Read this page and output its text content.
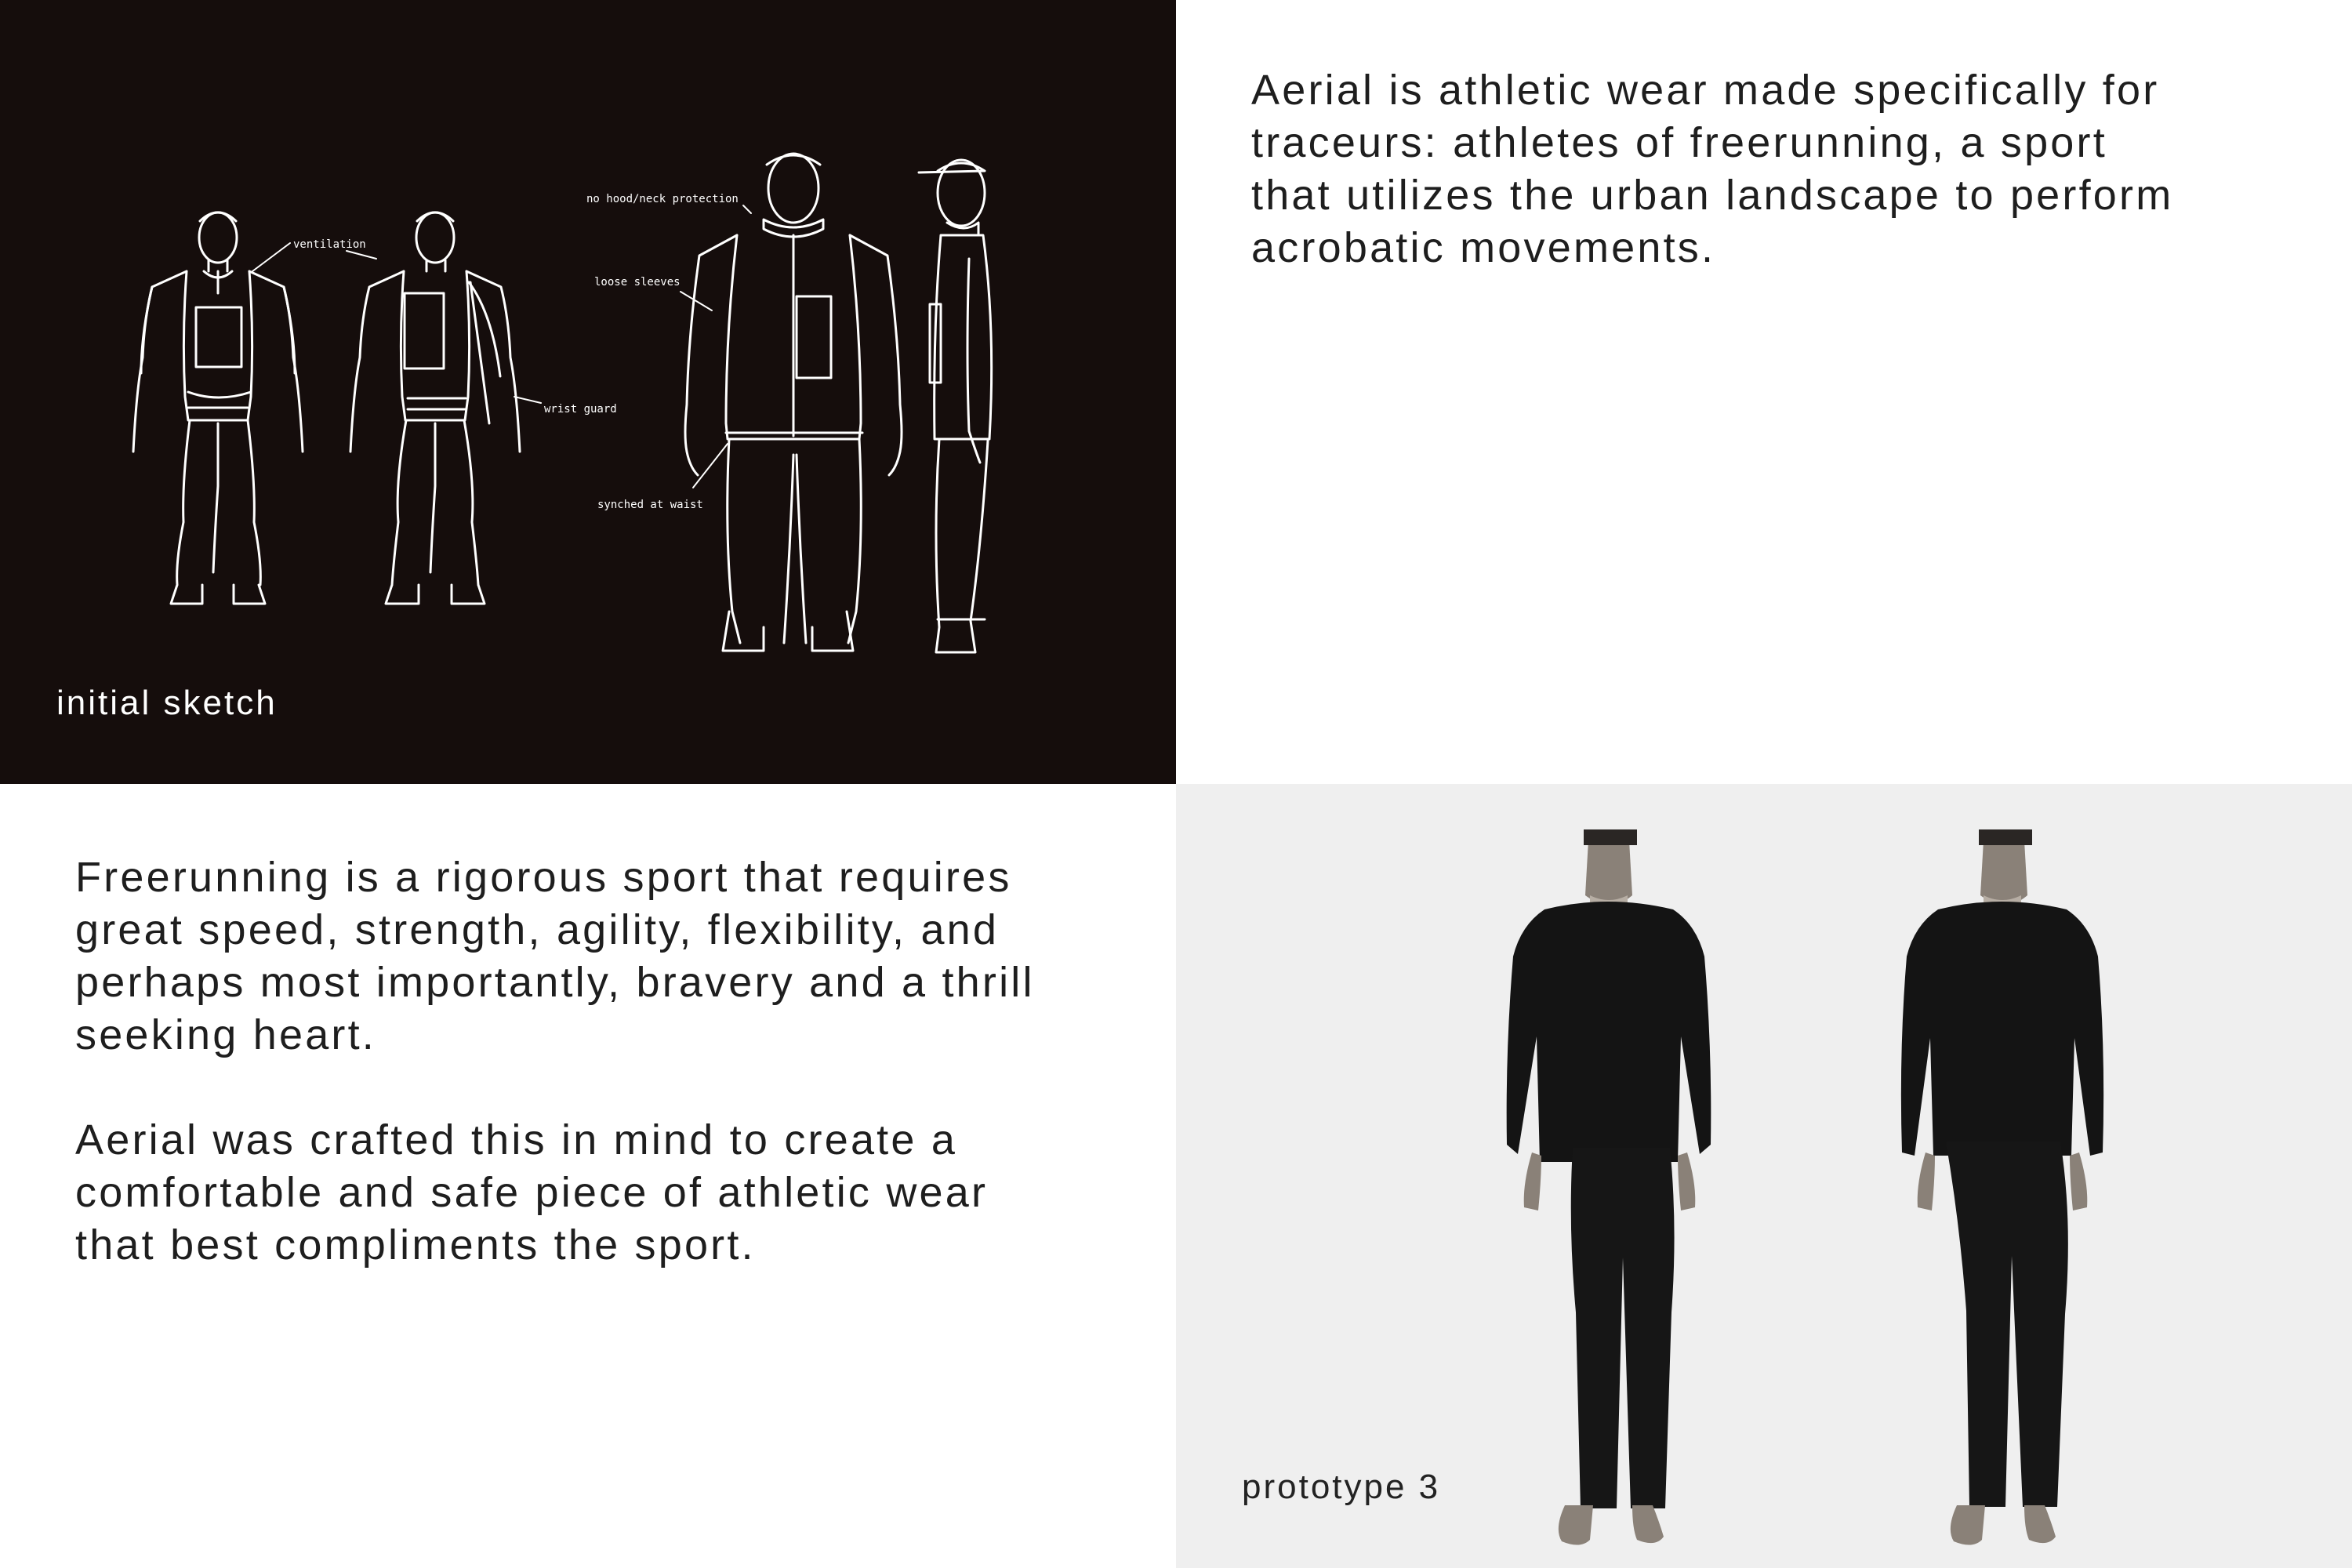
ventilation
wrist guard
no hood/neck protection
loose sleeves
synched at waist
initial sketch
Aerial is athletic wear made specifically for
traceurs: athletes of freerunning, a sport
that utilizes the urban landscape to perform
acrobatic movements.

Freerunning is a rigorous sport that requires
great speed, strength, agility, flexibility, and
perhaps most importantly, bravery and a thrill
seeking heart.

Aerial was crafted this in mind to create a
comfortable and safe piece of athletic wear
that best compliments the sport.

prototype 3
